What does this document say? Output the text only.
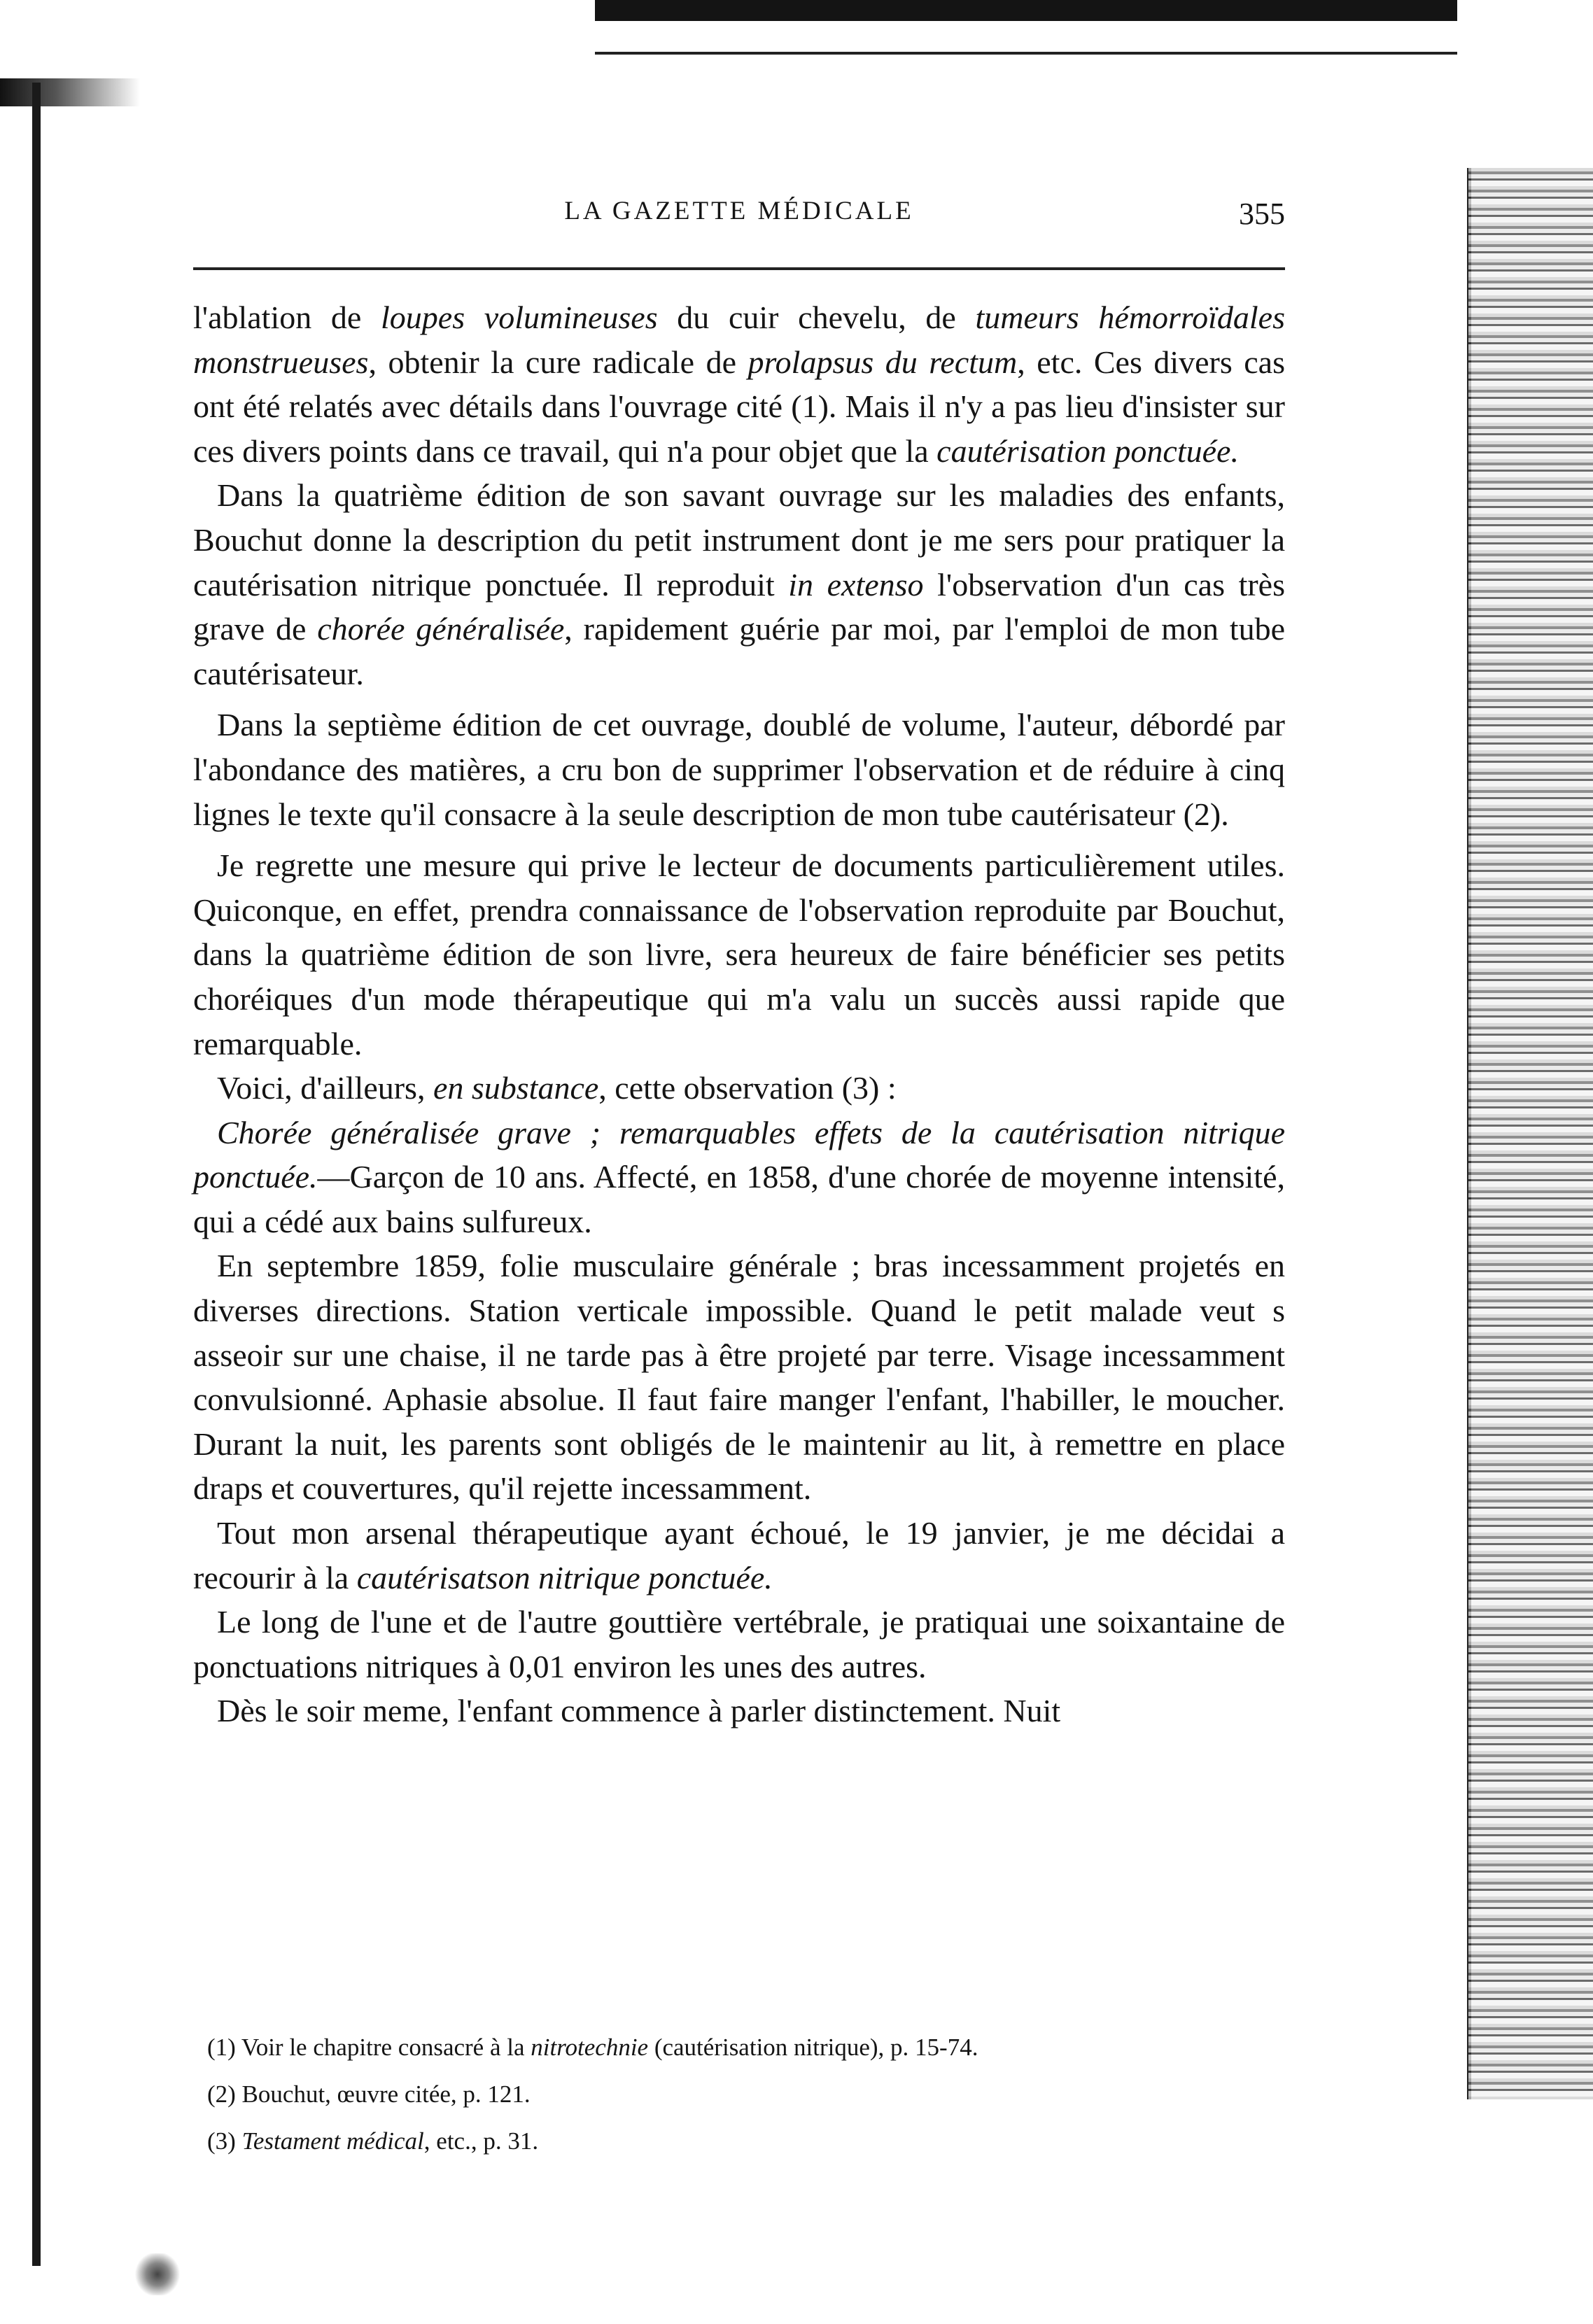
LA GAZETTE MÉDICALE	355

l'ablation de loupes volumineuses du cuir chevelu, de tumeurs hémorroïdales monstrueuses, obtenir la cure radicale de prolapsus du rectum, etc. Ces divers cas ont été relatés avec détails dans l'ouvrage cité (1). Mais il n'y a pas lieu d'insister sur ces divers points dans ce travail, qui n'a pour objet que la cautérisation ponctuée.

Dans la quatrième édition de son savant ouvrage sur les maladies des enfants, Bouchut donne la description du petit instrument dont je me sers pour pratiquer la cautérisation nitrique ponctuée. Il reproduit in extenso l'observation d'un cas très grave de chorée généralisée, rapidement guérie par moi, par l'emploi de mon tube cautérisateur.

Dans la septième édition de cet ouvrage, doublé de volume, l'auteur, débordé par l'abondance des matières, a cru bon de supprimer l'observation et de réduire à cinq lignes le texte qu'il consacre à la seule description de mon tube cautérisateur (2).

Je regrette une mesure qui prive le lecteur de documents particulièrement utiles. Quiconque, en effet, prendra connaissance de l'observation reproduite par Bouchut, dans la quatrième édition de son livre, sera heureux de faire bénéficier ses petits choréiques d'un mode thérapeutique qui m'a valu un succès aussi rapide que remarquable.

Voici, d'ailleurs, en substance, cette observation (3) :

Chorée généralisée grave ; remarquables effets de la cautérisation nitrique ponctuée.—Garçon de 10 ans. Affecté, en 1858, d'une chorée de moyenne intensité, qui a cédé aux bains sulfureux.

En septembre 1859, folie musculaire générale ; bras incessamment projetés en diverses directions. Station verticale impossible. Quand le petit malade veut s asseoir sur une chaise, il ne tarde pas à être projeté par terre. Visage incessamment convulsionné. Aphasie absolue. Il faut faire manger l'enfant, l'habiller, le moucher. Durant la nuit, les parents sont obligés de le maintenir au lit, à remettre en place draps et couvertures, qu'il rejette incessamment.

Tout mon arsenal thérapeutique ayant échoué, le 19 janvier, je me décidai a recourir à la cautérisatson nitrique ponctuée.

Le long de l'une et de l'autre gouttière vertébrale, je pratiquai une soixantaine de ponctuations nitriques à 0,01 environ les unes des autres.

Dès le soir meme, l'enfant commence à parler distinctement. Nuit

(1) Voir le chapitre consacré à la nitrotechnie (cautérisation nitrique), p. 15-74.

(2) Bouchut, œuvre citée, p. 121.

(3) Testament médical, etc., p. 31.
